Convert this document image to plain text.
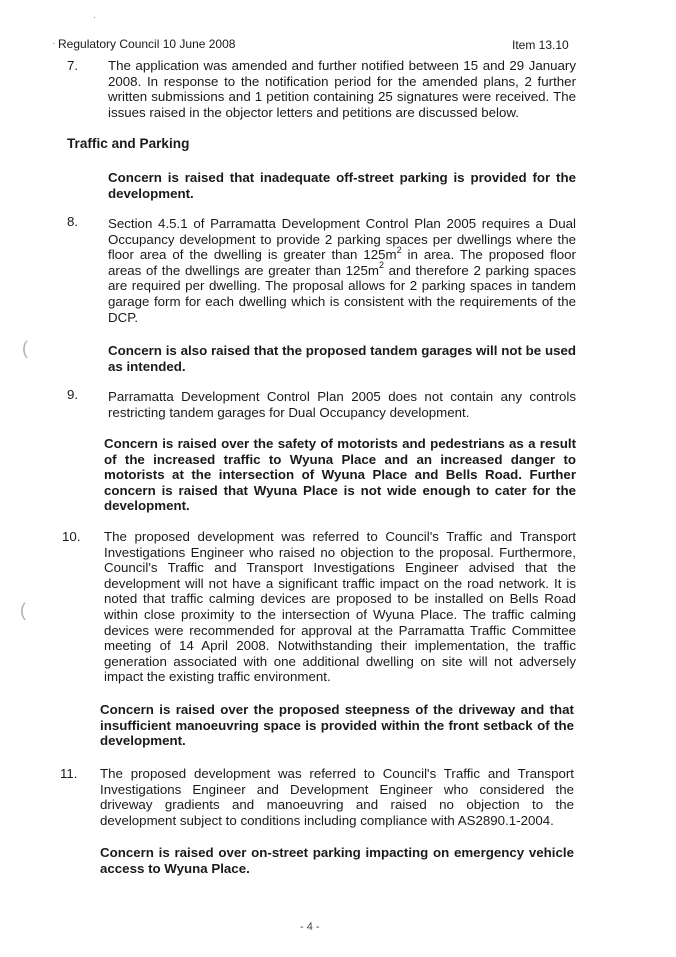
·
· Regulatory Council 10 June 2008	Item 13.10
7. The application was amended and further notified between 15 and 29 January 2008. In response to the notification period for the amended plans, 2 further written submissions and 1 petition containing 25 signatures were received. The issues raised in the objector letters and petitions are discussed below.
Traffic and Parking
Concern is raised that inadequate off-street parking is provided for the development.
8. Section 4.5.1 of Parramatta Development Control Plan 2005 requires a Dual Occupancy development to provide 2 parking spaces per dwellings where the floor area of the dwelling is greater than $125m^2$ in area. The proposed floor areas of the dwellings are greater than $125m^2$ and therefore 2 parking spaces are required per dwelling. The proposal allows for 2 parking spaces in tandem garage form for each dwelling which is consistent with the requirements of the DCP.
(	Concern is also raised that the proposed tandem garages will not be used as intended.
9. Parramatta Development Control Plan 2005 does not contain any controls restricting tandem garages for Dual Occupancy development.
Concern is raised over the safety of motorists and pedestrians as a result of the increased traffic to Wyuna Place and an increased danger to motorists at the intersection of Wyuna Place and Bells Road. Further concern is raised that Wyuna Place is not wide enough to cater for the development.
10. The proposed development was referred to Council's Traffic and Transport Investigations Engineer who raised no objection to the proposal. Furthermore, Council's Traffic and Transport Investigations Engineer advised that the development will not have a significant traffic impact on the road network. It is noted that traffic calming devices are proposed to be installed on Bells Road within close proximity to the intersection of Wyuna Place. The traffic calming devices were recommended for approval at the Parramatta Traffic Committee meeting of 14 April 2008. Notwithstanding their implementation, the traffic generation associated with one additional dwelling on site will not adversely impact the existing traffic environment.
(
Concern is raised over the proposed steepness of the driveway and that insufficient manoeuvring space is provided within the front setback of the development.
11. The proposed development was referred to Council's Traffic and Transport Investigations Engineer and Development Engineer who considered the driveway gradients and manoeuvring and raised no objection to the development subject to conditions including compliance with AS2890.1-2004.
Concern is raised over on-street parking impacting on emergency vehicle access to Wyuna Place.
- 4 -
